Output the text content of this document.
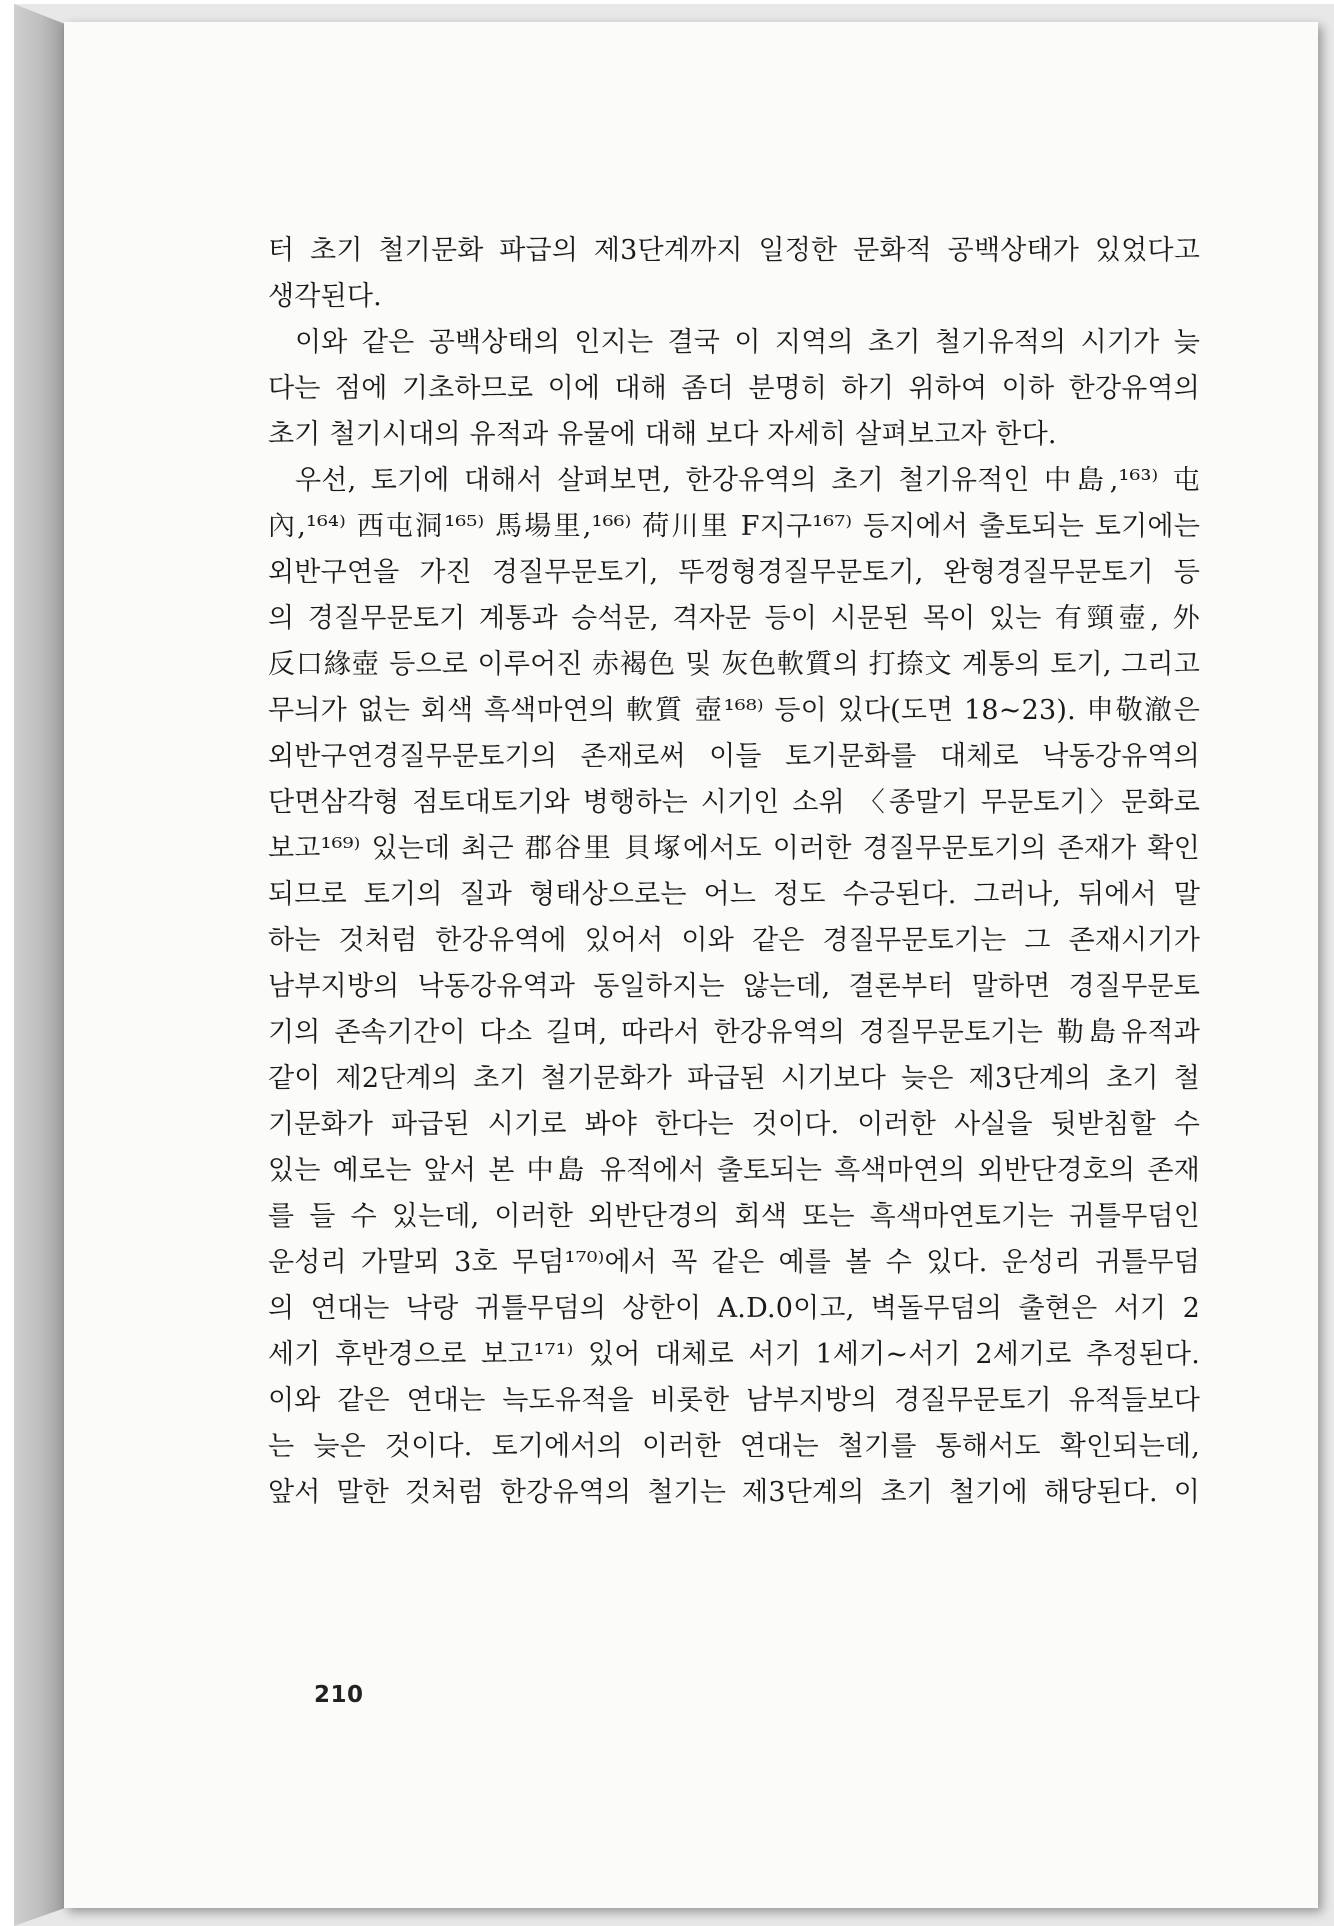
터 초기 철기문화 파급의 제3단계까지 일정한 문화적 공백상태가 있었다고
생각된다.
이와 같은 공백상태의 인지는 결국 이 지역의 초기 철기유적의 시기가 늦
다는 점에 기초하므로 이에 대해 좀더 분명히 하기 위하여 이하 한강유역의
초기 철기시대의 유적과 유물에 대해 보다 자세히 살펴보고자 한다.
우선, 토기에 대해서 살펴보면, 한강유역의 초기 철기유적인 中島,¹⁶³⁾ 屯
內,¹⁶⁴⁾ 西屯洞¹⁶⁵⁾ 馬場里,¹⁶⁶⁾ 荷川里 F지구¹⁶⁷⁾ 등지에서 출토되는 토기에는
외반구연을 가진 경질무문토기, 뚜껑형경질무문토기, 완형경질무문토기 등
의 경질무문토기 계통과 승석문, 격자문 등이 시문된 목이 있는 有頸壺, 外
反口緣壺 등으로 이루어진 赤褐色 및 灰色軟質의 打捺文 계통의 토기, 그리고
무늬가 없는 회색 흑색마연의 軟質 壺¹⁶⁸⁾ 등이 있다(도면 18~23). 申敬澈은
외반구연경질무문토기의 존재로써 이들 토기문화를 대체로 낙동강유역의
단면삼각형 점토대토기와 병행하는 시기인 소위 〈종말기 무문토기〉문화로
보고¹⁶⁹⁾ 있는데 최근 郡谷里 貝塚에서도 이러한 경질무문토기의 존재가 확인
되므로 토기의 질과 형태상으로는 어느 정도 수긍된다. 그러나, 뒤에서 말
하는 것처럼 한강유역에 있어서 이와 같은 경질무문토기는 그 존재시기가
남부지방의 낙동강유역과 동일하지는 않는데, 결론부터 말하면 경질무문토
기의 존속기간이 다소 길며, 따라서 한강유역의 경질무문토기는 勒島유적과
같이 제2단계의 초기 철기문화가 파급된 시기보다 늦은 제3단계의 초기 철
기문화가 파급된 시기로 봐야 한다는 것이다. 이러한 사실을 뒷받침할 수
있는 예로는 앞서 본 中島 유적에서 출토되는 흑색마연의 외반단경호의 존재
를 들 수 있는데, 이러한 외반단경의 회색 또는 흑색마연토기는 귀틀무덤인
운성리 가말뫼 3호 무덤¹⁷⁰⁾에서 꼭 같은 예를 볼 수 있다. 운성리 귀틀무덤
의 연대는 낙랑 귀틀무덤의 상한이 A.D.0이고, 벽돌무덤의 출현은 서기 2
세기 후반경으로 보고¹⁷¹⁾ 있어 대체로 서기 1세기~서기 2세기로 추정된다.
이와 같은 연대는 늑도유적을 비롯한 남부지방의 경질무문토기 유적들보다
는 늦은 것이다. 토기에서의 이러한 연대는 철기를 통해서도 확인되는데,
앞서 말한 것처럼 한강유역의 철기는 제3단계의 초기 철기에 해당된다. 이
210
